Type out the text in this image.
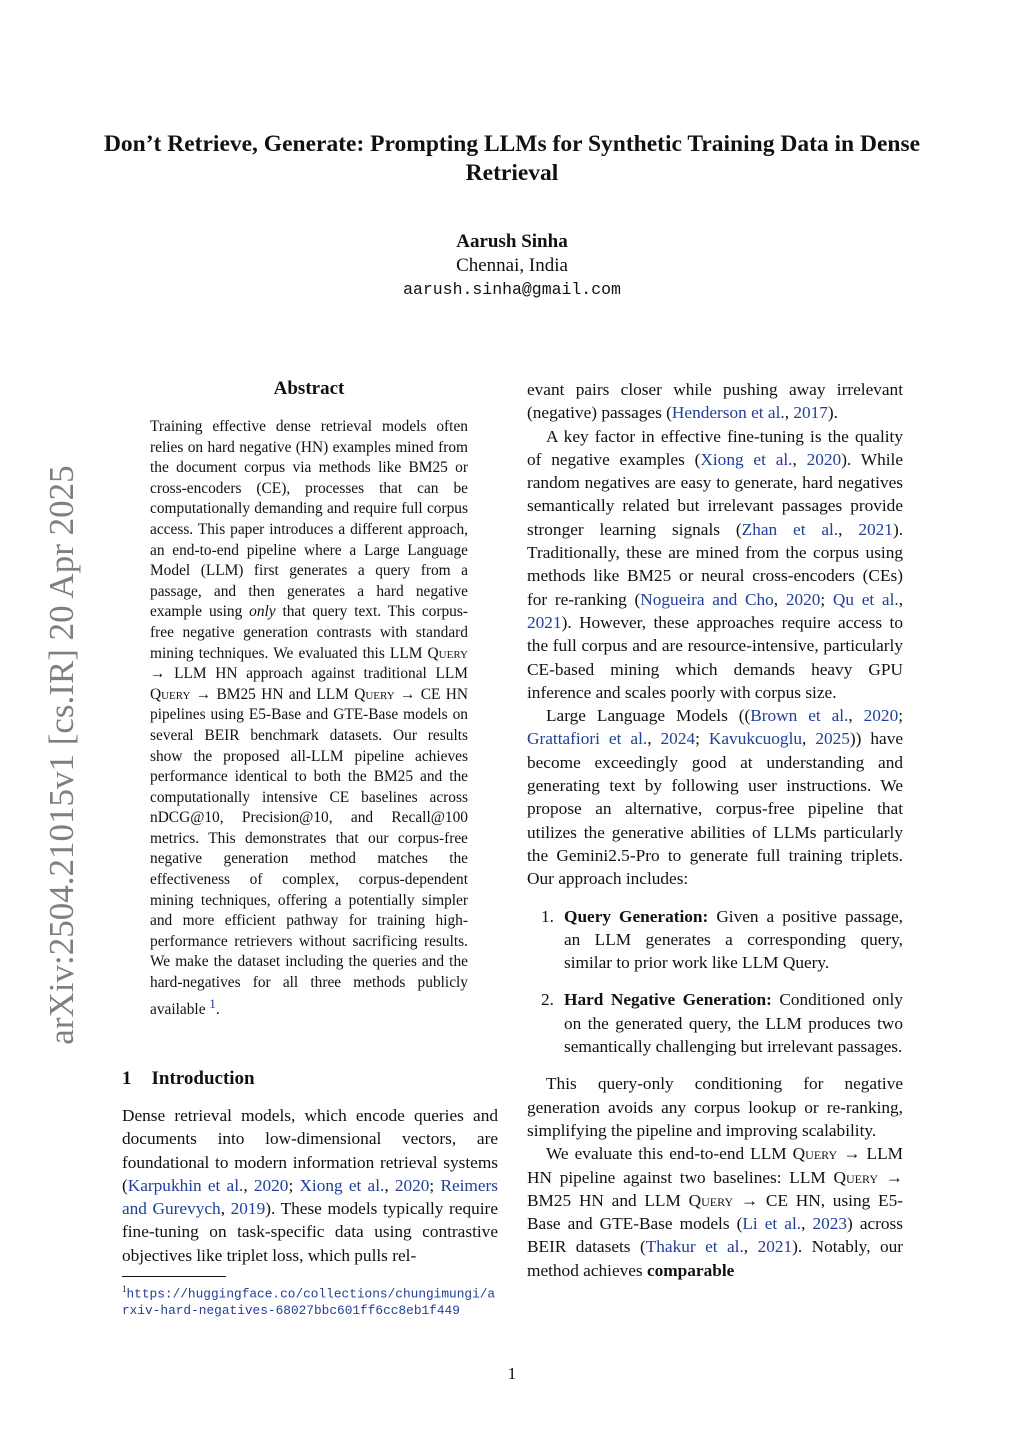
arXiv:2504.21015v1 [cs.IR] 20 Apr 2025
Don’t Retrieve, Generate: Prompting LLMs for Synthetic Training Data in Dense Retrieval
Aarush Sinha
Chennai, India
aarush.sinha@gmail.com
Abstract
Training effective dense retrieval models often relies on hard negative (HN) examples mined from the document corpus via methods like BM25 or cross-encoders (CE), processes that can be computationally demanding and require full corpus access. This paper introduces a different approach, an end-to-end pipeline where a Large Language Model (LLM) first generates a query from a passage, and then generates a hard negative example using only that query text. This corpus-free negative generation contrasts with standard mining techniques. We evaluated this LLM Query → LLM HN approach against traditional LLM Query → BM25 HN and LLM Query → CE HN pipelines using E5-Base and GTE-Base models on several BEIR benchmark datasets. Our results show the proposed all-LLM pipeline achieves performance identical to both the BM25 and the computationally intensive CE baselines across nDCG@10, Precision@10, and Recall@100 metrics. This demonstrates that our corpus-free negative generation method matches the effectiveness of complex, corpus-dependent mining techniques, offering a potentially simpler and more efficient pathway for training high-performance retrievers without sacrificing results. We make the dataset including the queries and the hard-negatives for all three methods publicly available $^1$.
1 Introduction
Dense retrieval models, which encode queries and documents into low-dimensional vectors, are foundational to modern information retrieval systems (Karpukhin et al., 2020; Xiong et al., 2020; Reimers and Gurevych, 2019). These models typically require fine-tuning on task-specific data using contrastive objectives like triplet loss, which pulls rel-
$^1$https://huggingface.co/collections/chungimungi/arxiv-hard-negatives-68027bbc601ff6cc8eb1f449

evant pairs closer while pushing away irrelevant (negative) passages (Henderson et al., 2017).

A key factor in effective fine-tuning is the quality of negative examples (Xiong et al., 2020). While random negatives are easy to generate, hard negatives semantically related but irrelevant passages provide stronger learning signals (Zhan et al., 2021). Traditionally, these are mined from the corpus using methods like BM25 or neural cross-encoders (CEs) for re-ranking (Nogueira and Cho, 2020; Qu et al., 2021). However, these approaches require access to the full corpus and are resource-intensive, particularly CE-based mining which demands heavy GPU inference and scales poorly with corpus size.

Large Language Models ((Brown et al., 2020; Grattafiori et al., 2024; Kavukcuoglu, 2025)) have become exceedingly good at understanding and generating text by following user instructions. We propose an alternative, corpus-free pipeline that utilizes the generative abilities of LLMs particularly the Gemini2.5-Pro to generate full training triplets. Our approach includes:

1. Query Generation: Given a positive passage, an LLM generates a corresponding query, similar to prior work like LLM Query.
2. Hard Negative Generation: Conditioned only on the generated query, the LLM produces two semantically challenging but irrelevant passages.

This query-only conditioning for negative generation avoids any corpus lookup or re-ranking, simplifying the pipeline and improving scalability.

We evaluate this end-to-end LLM Query → LLM HN pipeline against two baselines: LLM Query → BM25 HN and LLM Query → CE HN, using E5-Base and GTE-Base models (Li et al., 2023) across BEIR datasets (Thakur et al., 2021). Notably, our method achieves comparable

1
